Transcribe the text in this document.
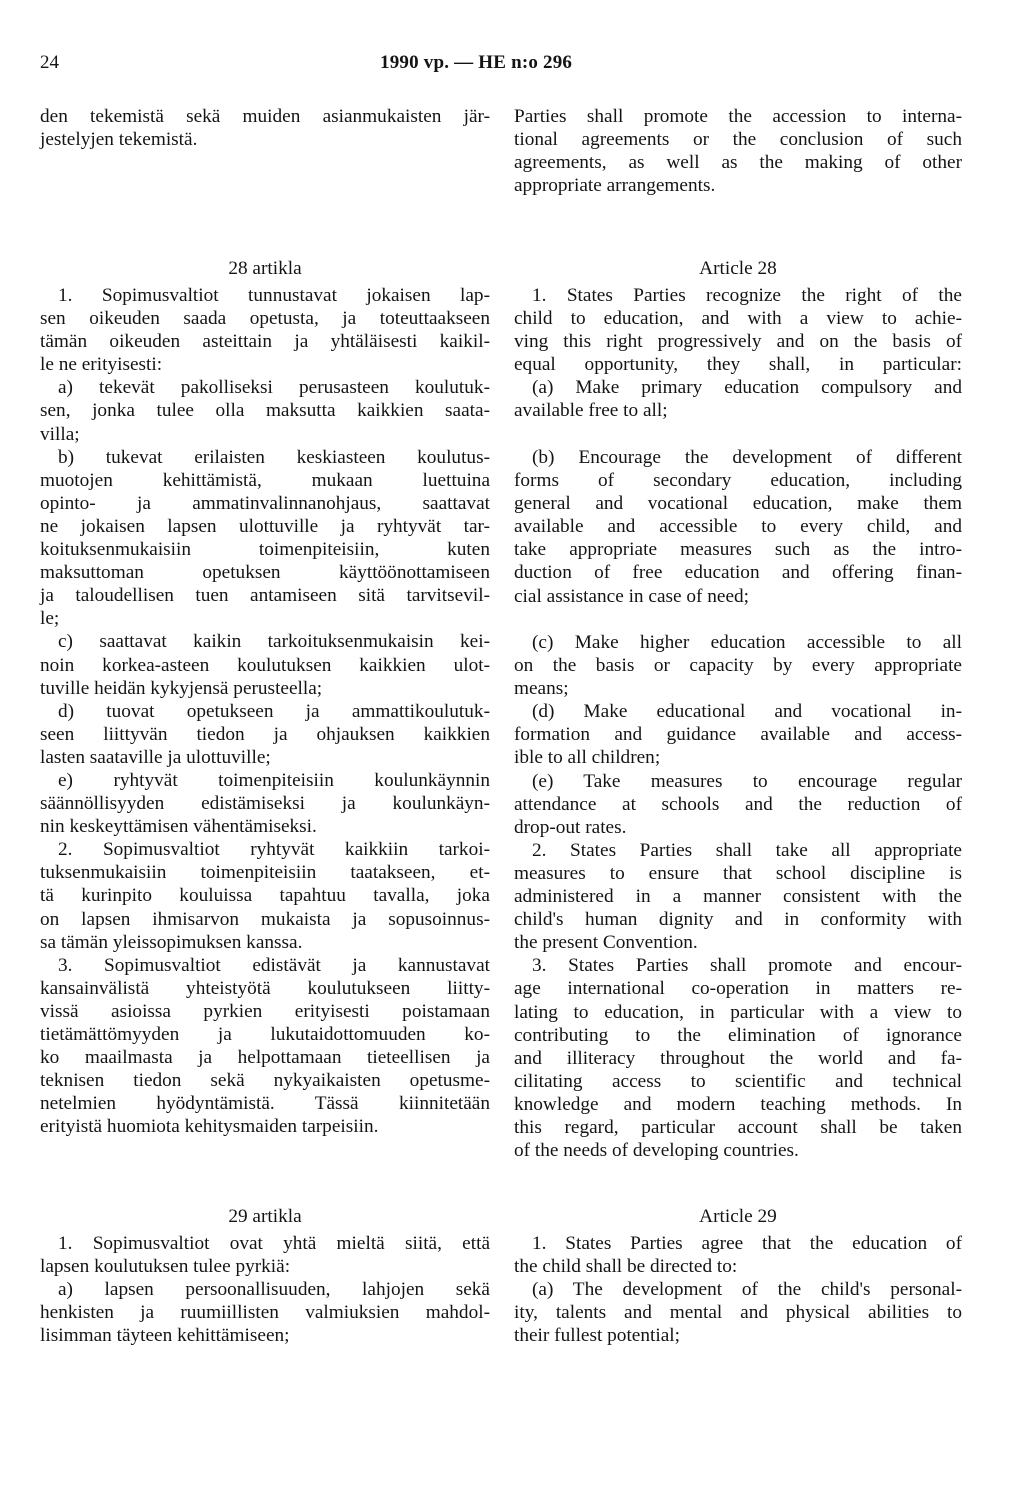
24	1990 vp. — HE n:o 296
den tekemistä sekä muiden asianmukaisten jär-
jestelyjen tekemistä.
Parties shall promote the accession to interna-
tional agreements or the conclusion of such
agreements, as well as the making of other
appropriate arrangements.
28 artikla	Article 28
1. Sopimusvaltiot tunnustavat jokaisen lap-
sen oikeuden saada opetusta, ja toteuttaakseen
tämän oikeuden asteittain ja yhtäläisesti kaikil-
le ne erityisesti:
a) tekevät pakolliseksi perusasteen koulutuk-
sen, jonka tulee olla maksutta kaikkien saata-
villa;
b) tukevat erilaisten keskiasteen koulutus-
muotojen kehittämistä, mukaan luettuina
opinto- ja ammatinvalinnanohjaus, saattavat
ne jokaisen lapsen ulottuville ja ryhtyvät tar-
koituksenmukaisiin toimenpiteisiin, kuten
maksuttoman opetuksen käyttöönottamiseen
ja taloudellisen tuen antamiseen sitä tarvitsevil-
le;
c) saattavat kaikin tarkoituksenmukaisin kei-
noin korkea-asteen koulutuksen kaikkien ulot-
tuville heidän kykyjensä perusteella;
d) tuovat opetukseen ja ammattikoulutuk-
seen liittyvän tiedon ja ohjauksen kaikkien
lasten saataville ja ulottuville;
e) ryhtyvät toimenpiteisiin koulunkäynnin
säännöllisyyden edistämiseksi ja koulunkäyn-
nin keskeyttämisen vähentämiseksi.
2. Sopimusvaltiot ryhtyvät kaikkiin tarkoi-
tuksenmukaisiin toimenpiteisiin taatakseen, et-
tä kurinpito kouluissa tapahtuu tavalla, joka
on lapsen ihmisarvon mukaista ja sopusoinnus-
sa tämän yleissopimuksen kanssa.
3. Sopimusvaltiot edistävät ja kannustavat
kansainvälistä yhteistyötä koulutukseen liitty-
vissä asioissa pyrkien erityisesti poistamaan
tietämättömyyden ja lukutaidottomuuden ko-
ko maailmasta ja helpottamaan tieteellisen ja
teknisen tiedon sekä nykyaikaisten opetusme-
netelmien hyödyntämistä. Tässä kiinnitetään
erityistä huomiota kehitysmaiden tarpeisiin.
1. States Parties recognize the right of the
child to education, and with a view to achie-
ving this right progressively and on the basis of
equal opportunity, they shall, in particular:
(a) Make primary education compulsory and
available free to all;
(b) Encourage the development of different
forms of secondary education, including
general and vocational education, make them
available and accessible to every child, and
take appropriate measures such as the intro-
duction of free education and offering finan-
cial assistance in case of need;
(c) Make higher education accessible to all
on the basis or capacity by every appropriate
means;
(d) Make educational and vocational in-
formation and guidance available and access-
ible to all children;
(e) Take measures to encourage regular
attendance at schools and the reduction of
drop-out rates.
2. States Parties shall take all appropriate
measures to ensure that school discipline is
administered in a manner consistent with the
child's human dignity and in conformity with
the present Convention.
3. States Parties shall promote and encour-
age international co-operation in matters re-
lating to education, in particular with a view to
contributing to the elimination of ignorance
and illiteracy throughout the world and fa-
cilitating access to scientific and technical
knowledge and modern teaching methods. In
this regard, particular account shall be taken
of the needs of developing countries.
29 artikla	Article 29
1. Sopimusvaltiot ovat yhtä mieltä siitä, että
lapsen koulutuksen tulee pyrkiä:
a) lapsen persoonallisuuden, lahjojen sekä
henkisten ja ruumiillisten valmiuksien mahdol-
lisimman täyteen kehittämiseen;
1. States Parties agree that the education of
the child shall be directed to:
(a) The development of the child's personal-
ity, talents and mental and physical abilities to
their fullest potential;
